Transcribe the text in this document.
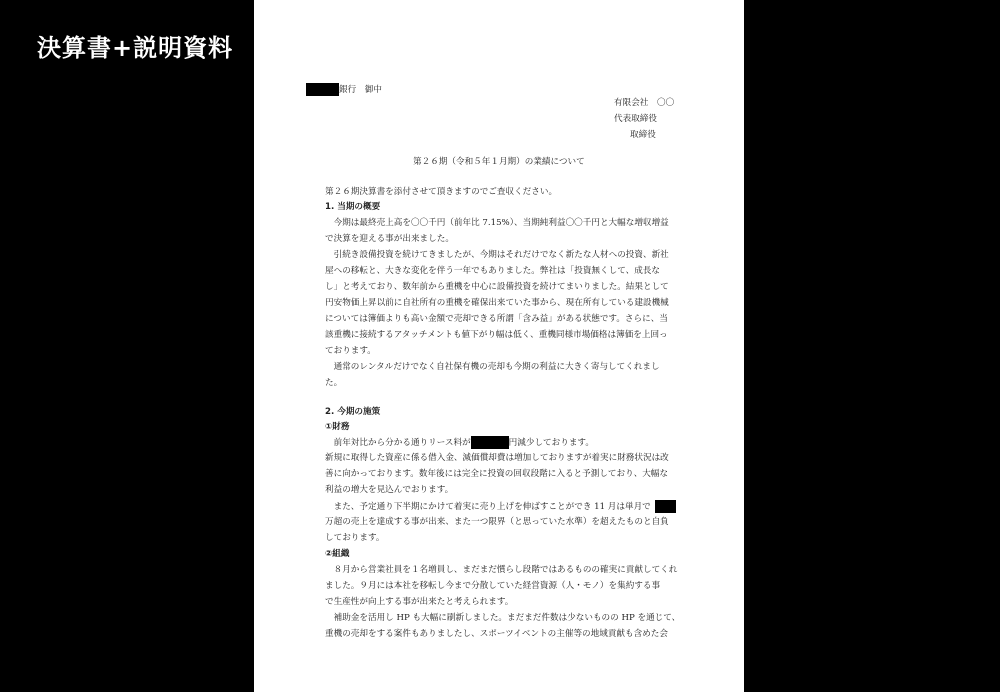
決算書+説明資料
銀行　御中
有限会社　〇〇
代表取締役
取締役
第２６期（令和５年１月期）の業績について
第２６期決算書を添付させて頂きますのでご査収ください。
1. 当期の概要
　今期は最終売上高を〇〇千円（前年比 7.15%）、当期純利益〇〇千円と大幅な増収増益
で決算を迎える事が出来ました。
　引続き設備投資を続けてきましたが、今期はそれだけでなく新たな人材への投資、新社
屋への移転と、大きな変化を伴う一年でもありました。弊社は「投資無くして、成長な
し」と考えており、数年前から重機を中心に設備投資を続けてまいりました。結果として
円安物価上昇以前に自社所有の重機を確保出来ていた事から、現在所有している建設機械
については簿価よりも高い金額で売却できる所謂「含み益」がある状態です。さらに、当
該重機に接続するアタッチメントも値下がり幅は低く、重機同様市場価格は簿価を上回っ
ております。
　通常のレンタルだけでなく自社保有機の売却も今期の利益に大きく寄与してくれまし
た。
2. 今期の施策
①財務
　前年対比から分かる通りリース料が	円減少しております。
新規に取得した資産に係る借入金、減価償却費は増加しておりますが着実に財務状況は改
善に向かっております。数年後には完全に投資の回収段階に入ると予測しており、大幅な
利益の増大を見込んでおります。
　また、予定通り下半期にかけて着実に売り上げを伸ばすことができ 11 月は単月で
万超の売上を達成する事が出来、また一つ限界（と思っていた水準）を超えたものと自負
しております。
②組織
　８月から営業社員を１名増員し、まだまだ慣らし段階ではあるものの確実に貢献してくれ
ました。９月には本社を移転し今まで分散していた経営資源（人・モノ）を集約する事
で生産性が向上する事が出来たと考えられます。
　補助金を活用し HP も大幅に刷新しました。まだまだ件数は少ないものの HP を通じて、
重機の売却をする案件もありましたし、スポーツイベントの主催等の地域貢献も含めた会
